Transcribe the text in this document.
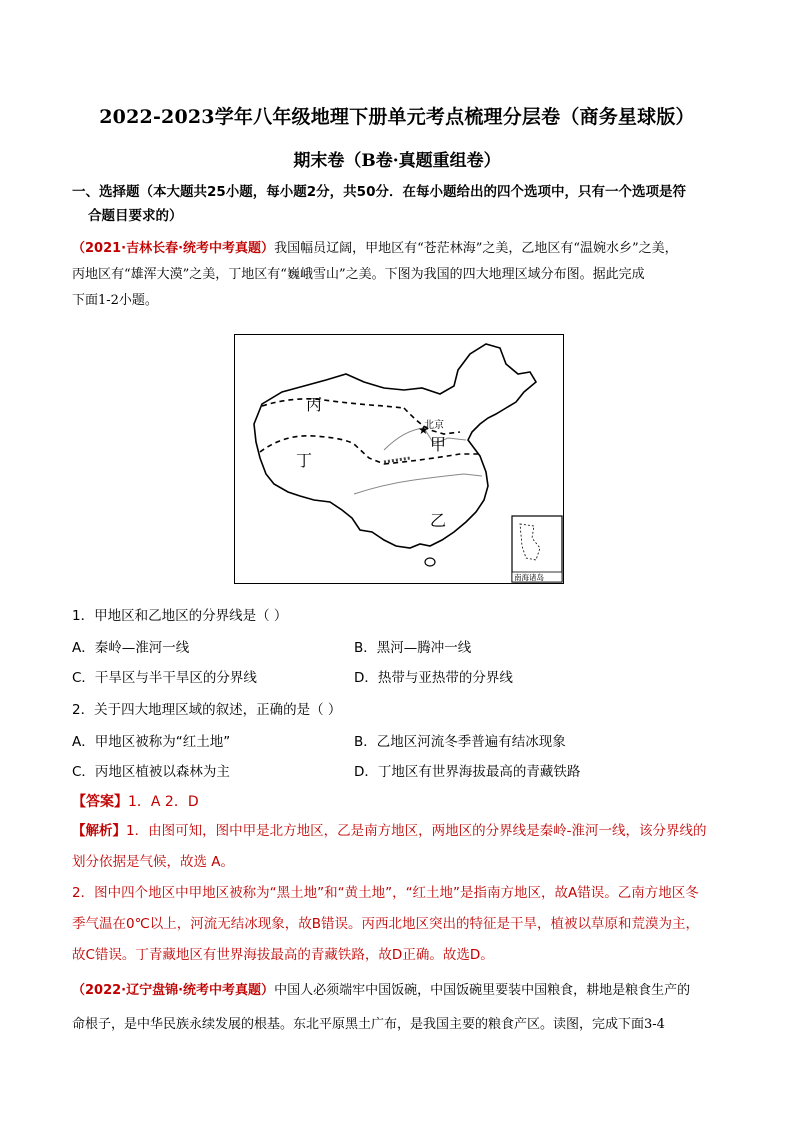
2022-2023学年八年级地理下册单元考点梳理分层卷（商务星球版）
期末卷（B卷·真题重组卷）
一、选择题（本大题共25小题，每小题2分，共50分．在每小题给出的四个选项中，只有一个选项是符
合题目要求的）
（2021·吉林长春·统考中考真题）我国幅员辽阔，甲地区有“苍茫林海”之美，乙地区有“温婉水乡”之美，
丙地区有“雄浑大漠”之美，丁地区有“巍峨雪山”之美。下图为我国的四大地理区域分布图。据此完成
下面1-2小题。
★
北京
丙
丁
甲
乙
南海诸岛
1．甲地区和乙地区的分界线是（ ）
A．秦岭—淮河一线	B．黑河—腾冲一线
C．干旱区与半干旱区的分界线	D．热带与亚热带的分界线
2．关于四大地理区域的叙述，正确的是（ ）
A．甲地区被称为“红土地”	B．乙地区河流冬季普遍有结冰现象
C．丙地区植被以森林为主	D．丁地区有世界海拔最高的青藏铁路
【答案】1．A 2．D
【解析】1．由图可知，图中甲是北方地区，乙是南方地区，两地区的分界线是秦岭-淮河一线，该分界线的
划分依据是气候，故选 A。
2．图中四个地区中甲地区被称为“黑土地”和“黄土地”，“红土地”是指南方地区，故A错误。乙南方地区冬
季气温在0℃以上，河流无结冰现象，故B错误。丙西北地区突出的特征是干旱，植被以草原和荒漠为主，
故C错误。丁青藏地区有世界海拔最高的青藏铁路，故D正确。故选D。
（2022·辽宁盘锦·统考中考真题）中国人必须端牢中国饭碗，中国饭碗里要装中国粮食，耕地是粮食生产的
命根子，是中华民族永续发展的根基。东北平原黑土广布，是我国主要的粮食产区。读图，完成下面3-4
